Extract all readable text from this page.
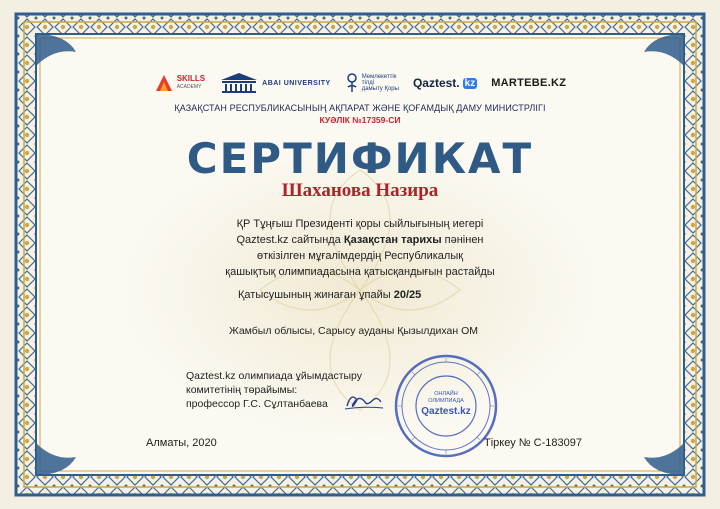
SKILLS
ACADEMY
ABAI UNIVERSITY
Мемлекеттік
тілді
дамыту Қоры Qaztest. kz MARTEBE.KZ
ҚАЗАҚСТАН РЕСПУБЛИКАСЫНЫҢ АҚПАРАТ ЖӘНЕ ҚОҒАМДЫҚ ДАМУ МИНИСТРЛІГІ
КУӘЛІК №17359-СИ
СЕРТИФИКАТ
Шаханова Назира
ҚР Тұңғыш Президенті қоры сыйлығының иегері
Qaztest.kz сайтында Қазақстан тарихы пәнінен
өткізілген мұғалімдердің Республикалық
қашықтық олимпиадасына қатысқандығын растайды
Қатысушының жинаған ұпайы 20/25
Жамбыл облысы, Сарысу ауданы Қызылдихан ОМ
Qaztest.kz олимпиада ұйымдастыру
комитетінің төрайымы:
профессор Г.С. Сұлтанбаева
ОНЛАЙН
ОЛИМПИАДА
Qaztest.kz
Алматы, 2020	Тіркеу № С-183097
